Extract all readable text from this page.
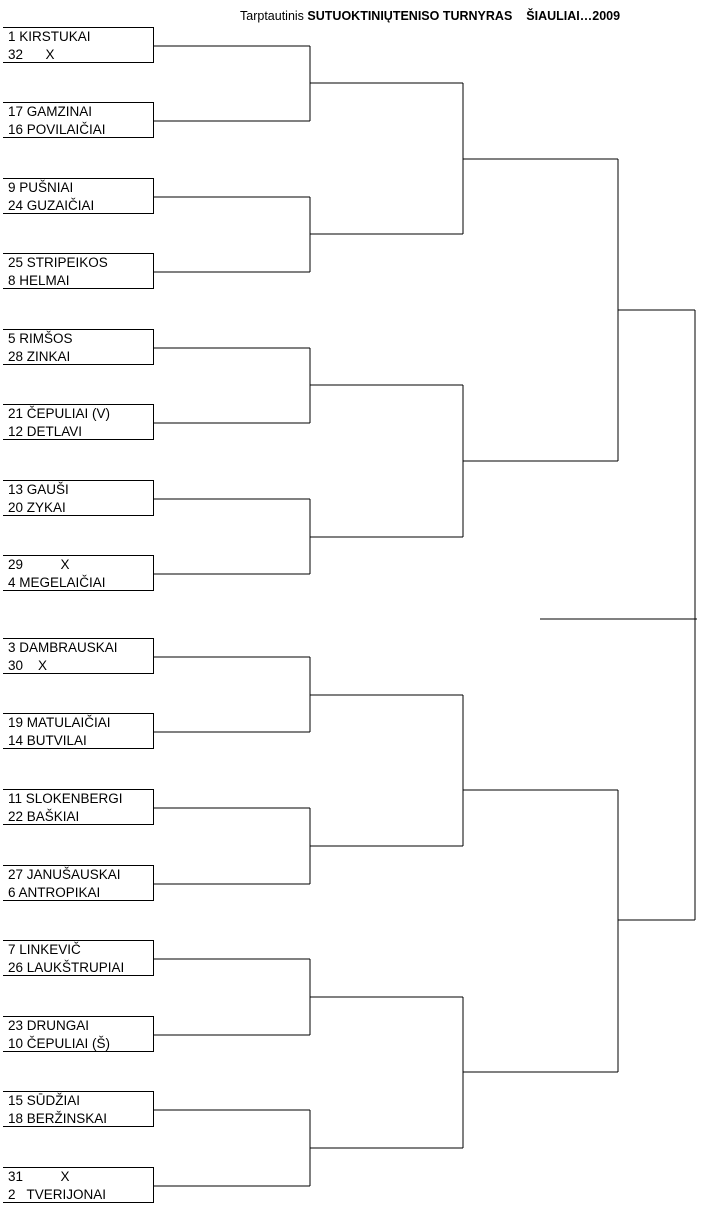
Tarptautinis SUTUOKTINIŲTENISO TURNYRAS ŠIAULIAI…2009
1 KIRSTUKAI
32      X
17 GAMZINAI
16 POVILAIČIAI
9 PUŠNIAI
24 GUZAIČIAI
25 STRIPEIKOS
8 HELMAI
5 RIMŠOS
28 ZINKAI
21 ČEPULIAI (V)
12 DETLAVI
13 GAUŠI
20 ZYKAI
29          X
4 MEGELAIČIAI
3 DAMBRAUSKAI
30    X
19 MATULAIČIAI
14 BUTVILAI
11 SLOKENBERGI
22 BAŠKIAI
27 JANUŠAUSKAI
6 ANTROPIKAI
7 LINKEVIČ
26 LAUKŠTRUPIAI
23 DRUNGAI
10 ČEPULIAI (Š)
15 SŪDŽIAI
18 BERŽINSKAI
31          X
2   TVERIJONAI
